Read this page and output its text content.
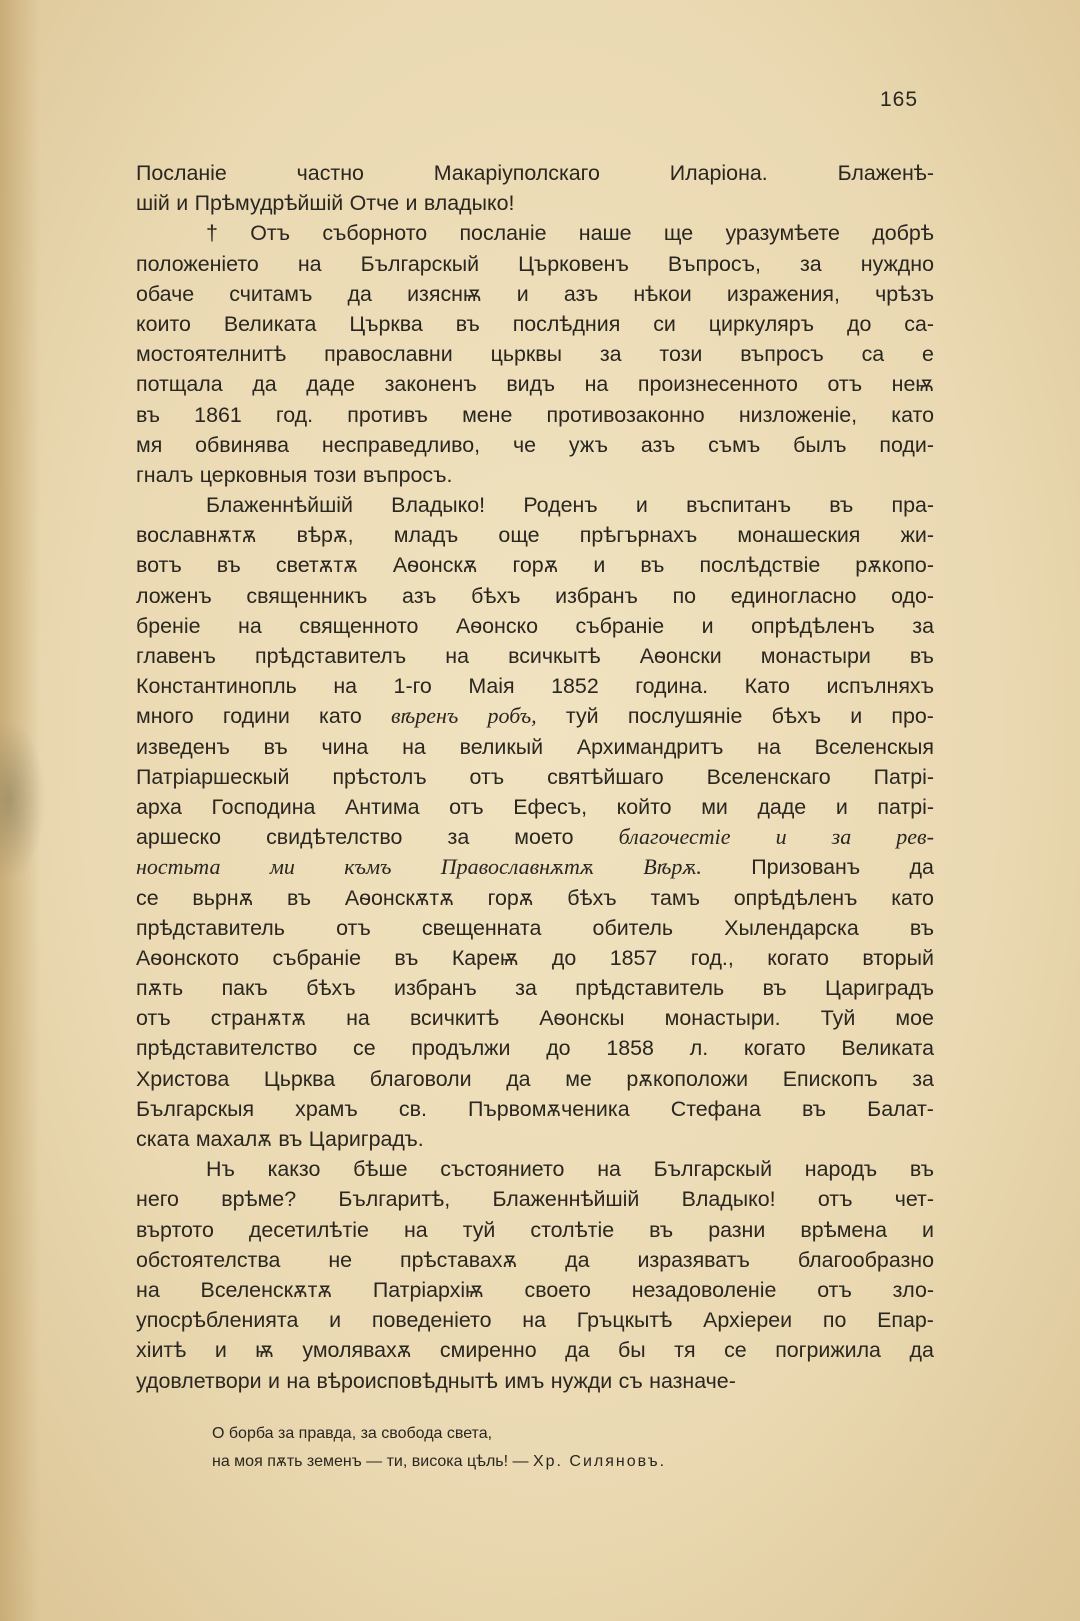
165
Посланіе	частно	Макаріуполскаго	Иларіона.	Блаженѣ-
шій и Прѣмудрѣйшій Отче и владыко!
† Отъ съборното посланіе наше ще уразумѣете добрѣ
положеніето на Българскый Църковенъ Въпросъ, за нуждно
обаче считамъ да изяснѭ и азъ нѣкои изражения, чрѣзъ
които Великата Църква въ послѣдния си циркуляръ до са-
мостоятелнитѣ православни цьрквы за този въпросъ са е
потщала да даде законенъ видъ на произнесенното отъ неѭ
въ 1861 год. противъ мене противозаконно низложеніе, като
мя обвинява несправедливо, че ужъ азъ съмъ былъ поди-
гналъ церковныя този въпросъ.
Блаженнѣйшій Владыко! Роденъ и въспитанъ въ пра-
вославнѫтѫ вѣрѫ, младъ още прѣгърнахъ монашеския жи-
вотъ въ светѫтѫ Аѳонскѫ горѫ и въ послѣдствіе рѫкопо-
ложенъ священникъ азъ бѣхъ избранъ по единогласно одо-
бреніе на священното Аѳонско събраніе и опрѣдѣленъ за
главенъ прѣдставителъ на всичкытѣ Аѳонски монастыри въ
Константинопль на 1-го Маія 1852 година. Като испълняхъ
много години като вѣренъ робъ, туй послушяніе бѣхъ и про-
изведенъ въ чина на великый Архимандритъ на Вселенскыя
Патріаршескый прѣстолъ отъ святѣйшаго Вселенскаго Патрі-
арха Господина Антима отъ Ефесъ, който ми даде и патрі-
аршеско свидѣтелство за моето благочестіе и за рев-
ностьта ми къмъ Православнѫтѫ Вѣрѫ. Призованъ да
се вьрнѫ въ Аѳонскѫтѫ горѫ бѣхъ тамъ опрѣдѣленъ като
прѣдставитель отъ свещенната обитель Хылендарска въ
Аѳонското събраніе въ Кареѭ до 1857 год., когато вторый
пѫть пакъ бѣхъ избранъ за прѣдставитель въ Цариградъ
отъ странѫтѫ на всичкитѣ Аѳонскы монастыри. Туй мое
прѣдставителство се продължи до 1858 л. когато Великата
Христова Цьрква благоволи да ме рѫкоположи Епископъ за
Българскыя храмъ св. Първомѫченика Стефана въ Балат-
ската махалѫ въ Цариградъ.
Нъ какзо бѣше състоянието на Българскый народъ въ
него врѣме? Българитѣ, Блаженнѣйшій Владыко! отъ чет-
въртото десетилѣтіе на туй столѣтіе въ разни врѣмена и
обстоятелства не прѣставахѫ да изразяватъ благообразно
на Вселенскѫтѫ Патріархіѭ своето незадоволеніе отъ зло-
упосрѣбленията и поведеніето на Гръцкытѣ Архіереи по Епар-
хіитѣ и ѭ умолявахѫ смиренно да бы тя се погрижила да
удовлетвори и на вѣроисповѣднытѣ имъ нужди съ назначе-
О борба за правда, за свобода света,
на моя пѫть земенъ — ти, висока цѣль! — Хр. Силяновъ.
